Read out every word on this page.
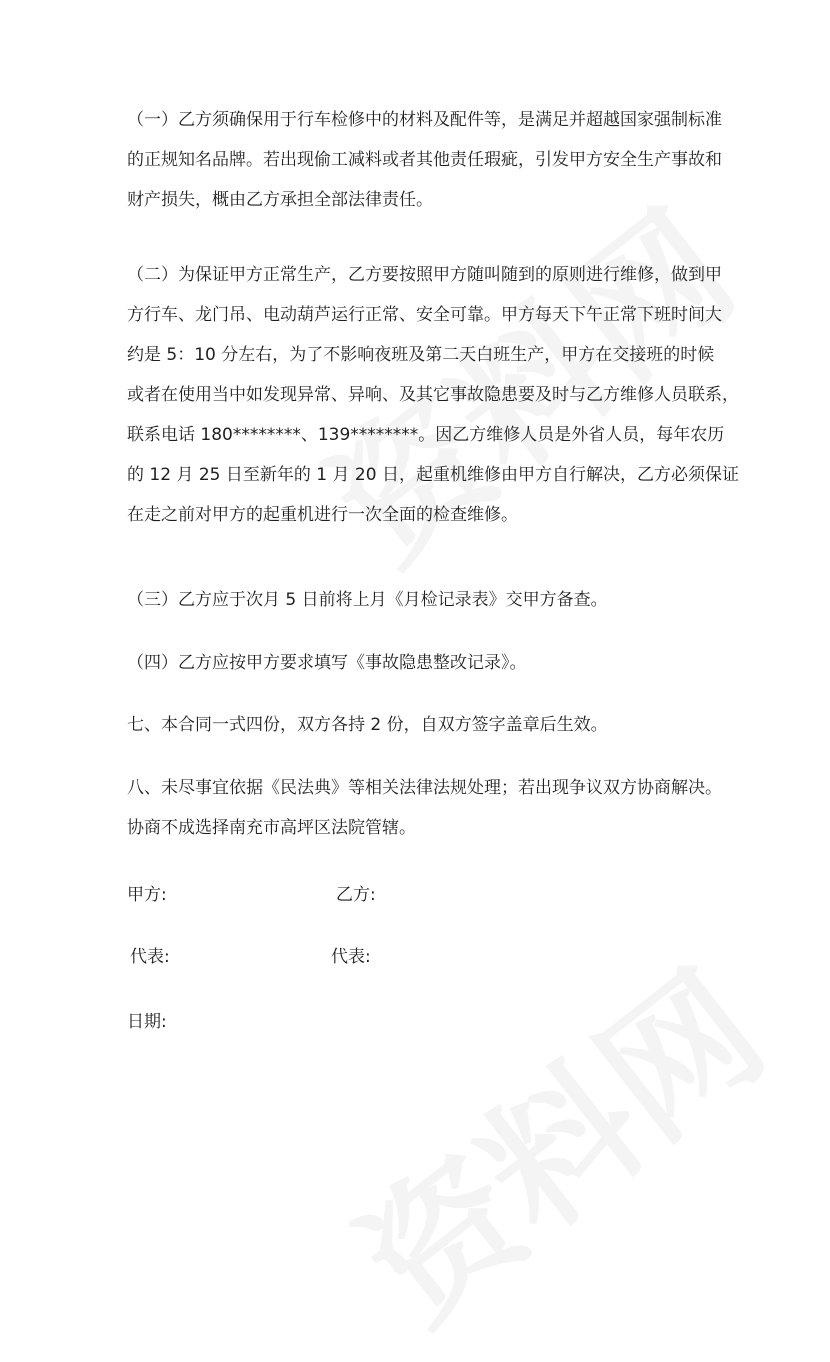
（一）乙方须确保用于行车检修中的材料及配件等，是满足并超越国家强制标准
的正规知名品牌。若出现偷工减料或者其他责任瑕疵，引发甲方安全生产事故和
财产损失，概由乙方承担全部法律责任。

（二）为保证甲方正常生产，乙方要按照甲方随叫随到的原则进行维修，做到甲
方行车、龙门吊、电动葫芦运行正常、安全可靠。甲方每天下午正常下班时间大
约是 5：10 分左右，为了不影响夜班及第二天白班生产，甲方在交接班的时候
或者在使用当中如发现异常、异响、及其它事故隐患要及时与乙方维修人员联系，
联系电话 180********、139********。因乙方维修人员是外省人员，每年农历
的 12 月 25 日至新年的 1 月 20 日，起重机维修由甲方自行解决，乙方必须保证
在走之前对甲方的起重机进行一次全面的检查维修。

（三）乙方应于次月 5 日前将上月《月检记录表》交甲方备查。

（四）乙方应按甲方要求填写《事故隐患整改记录》。

七、本合同一式四份，双方各持 2 份，自双方签字盖章后生效。

八、未尽事宜依据《民法典》等相关法律法规处理；若出现争议双方协商解决。
协商不成选择南充市高坪区法院管辖。

甲方:	乙方:

代表:	代表:

日期:
